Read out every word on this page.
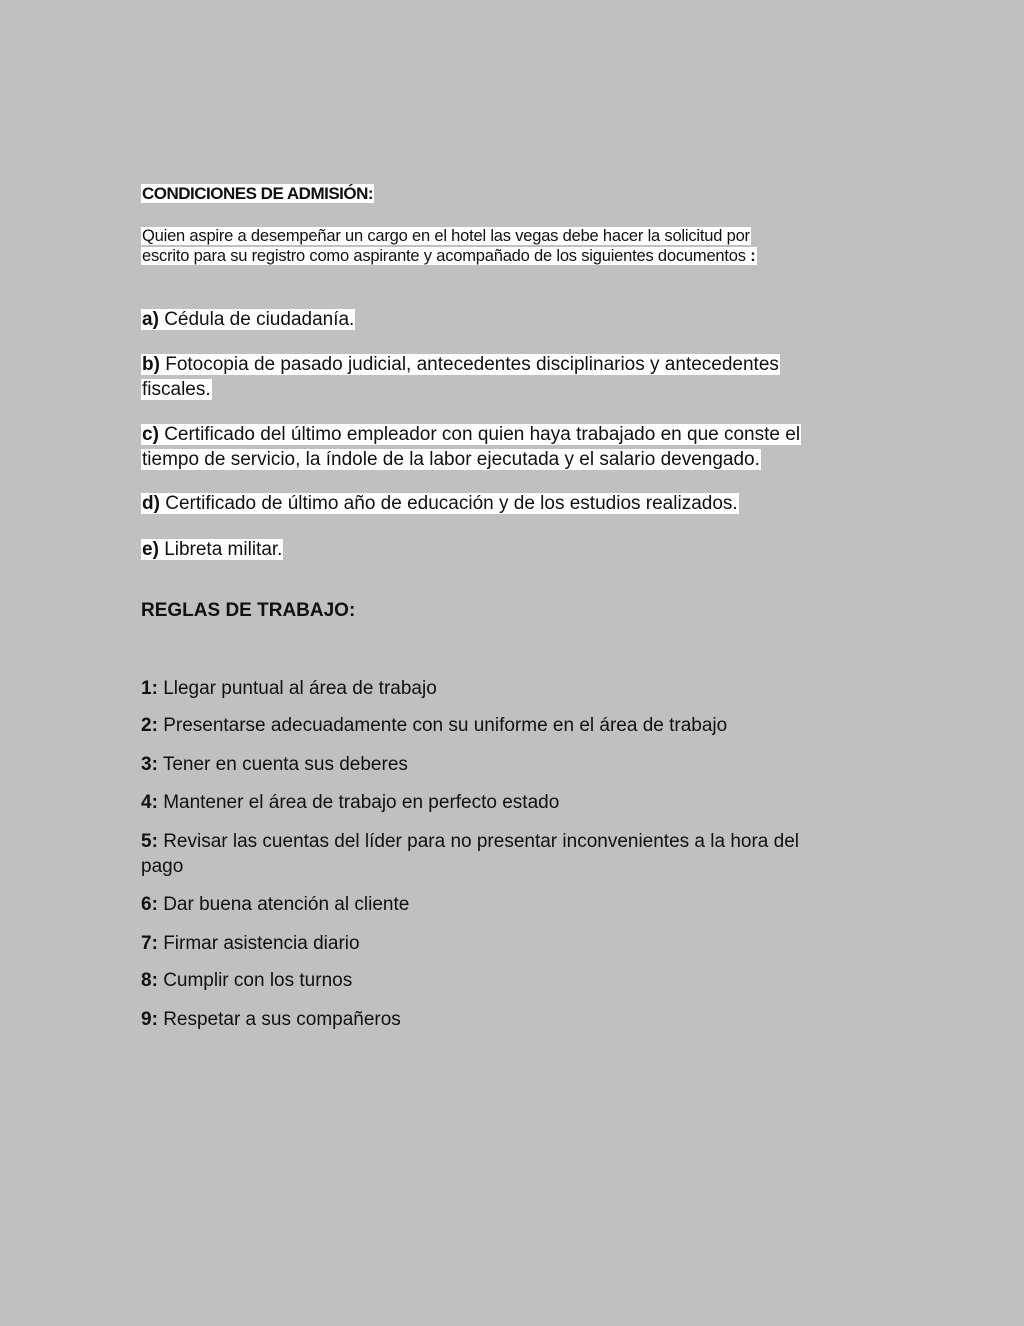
CONDICIONES DE ADMISIÓN:
Quien aspire a desempeñar un cargo en el hotel las vegas debe hacer la solicitud por
escrito para su registro como aspirante y acompañado de los siguientes documentos :
a) Cédula de ciudadanía.
b) Fotocopia de pasado judicial, antecedentes disciplinarios y antecedentes
fiscales.
c) Certificado del último empleador con quien haya trabajado en que conste el
tiempo de servicio, la índole de la labor ejecutada y el salario devengado.
d) Certificado de último año de educación y de los estudios realizados.
e) Libreta militar.
REGLAS DE TRABAJO:
1: Llegar puntual al área de trabajo
2: Presentarse adecuadamente con su uniforme en el área de trabajo
3: Tener en cuenta sus deberes
4: Mantener el área de trabajo en perfecto estado
5: Revisar las cuentas del líder para no presentar inconvenientes a la hora del
pago
6: Dar buena atención al cliente
7: Firmar asistencia diario
8: Cumplir con los turnos
9: Respetar a sus compañeros
